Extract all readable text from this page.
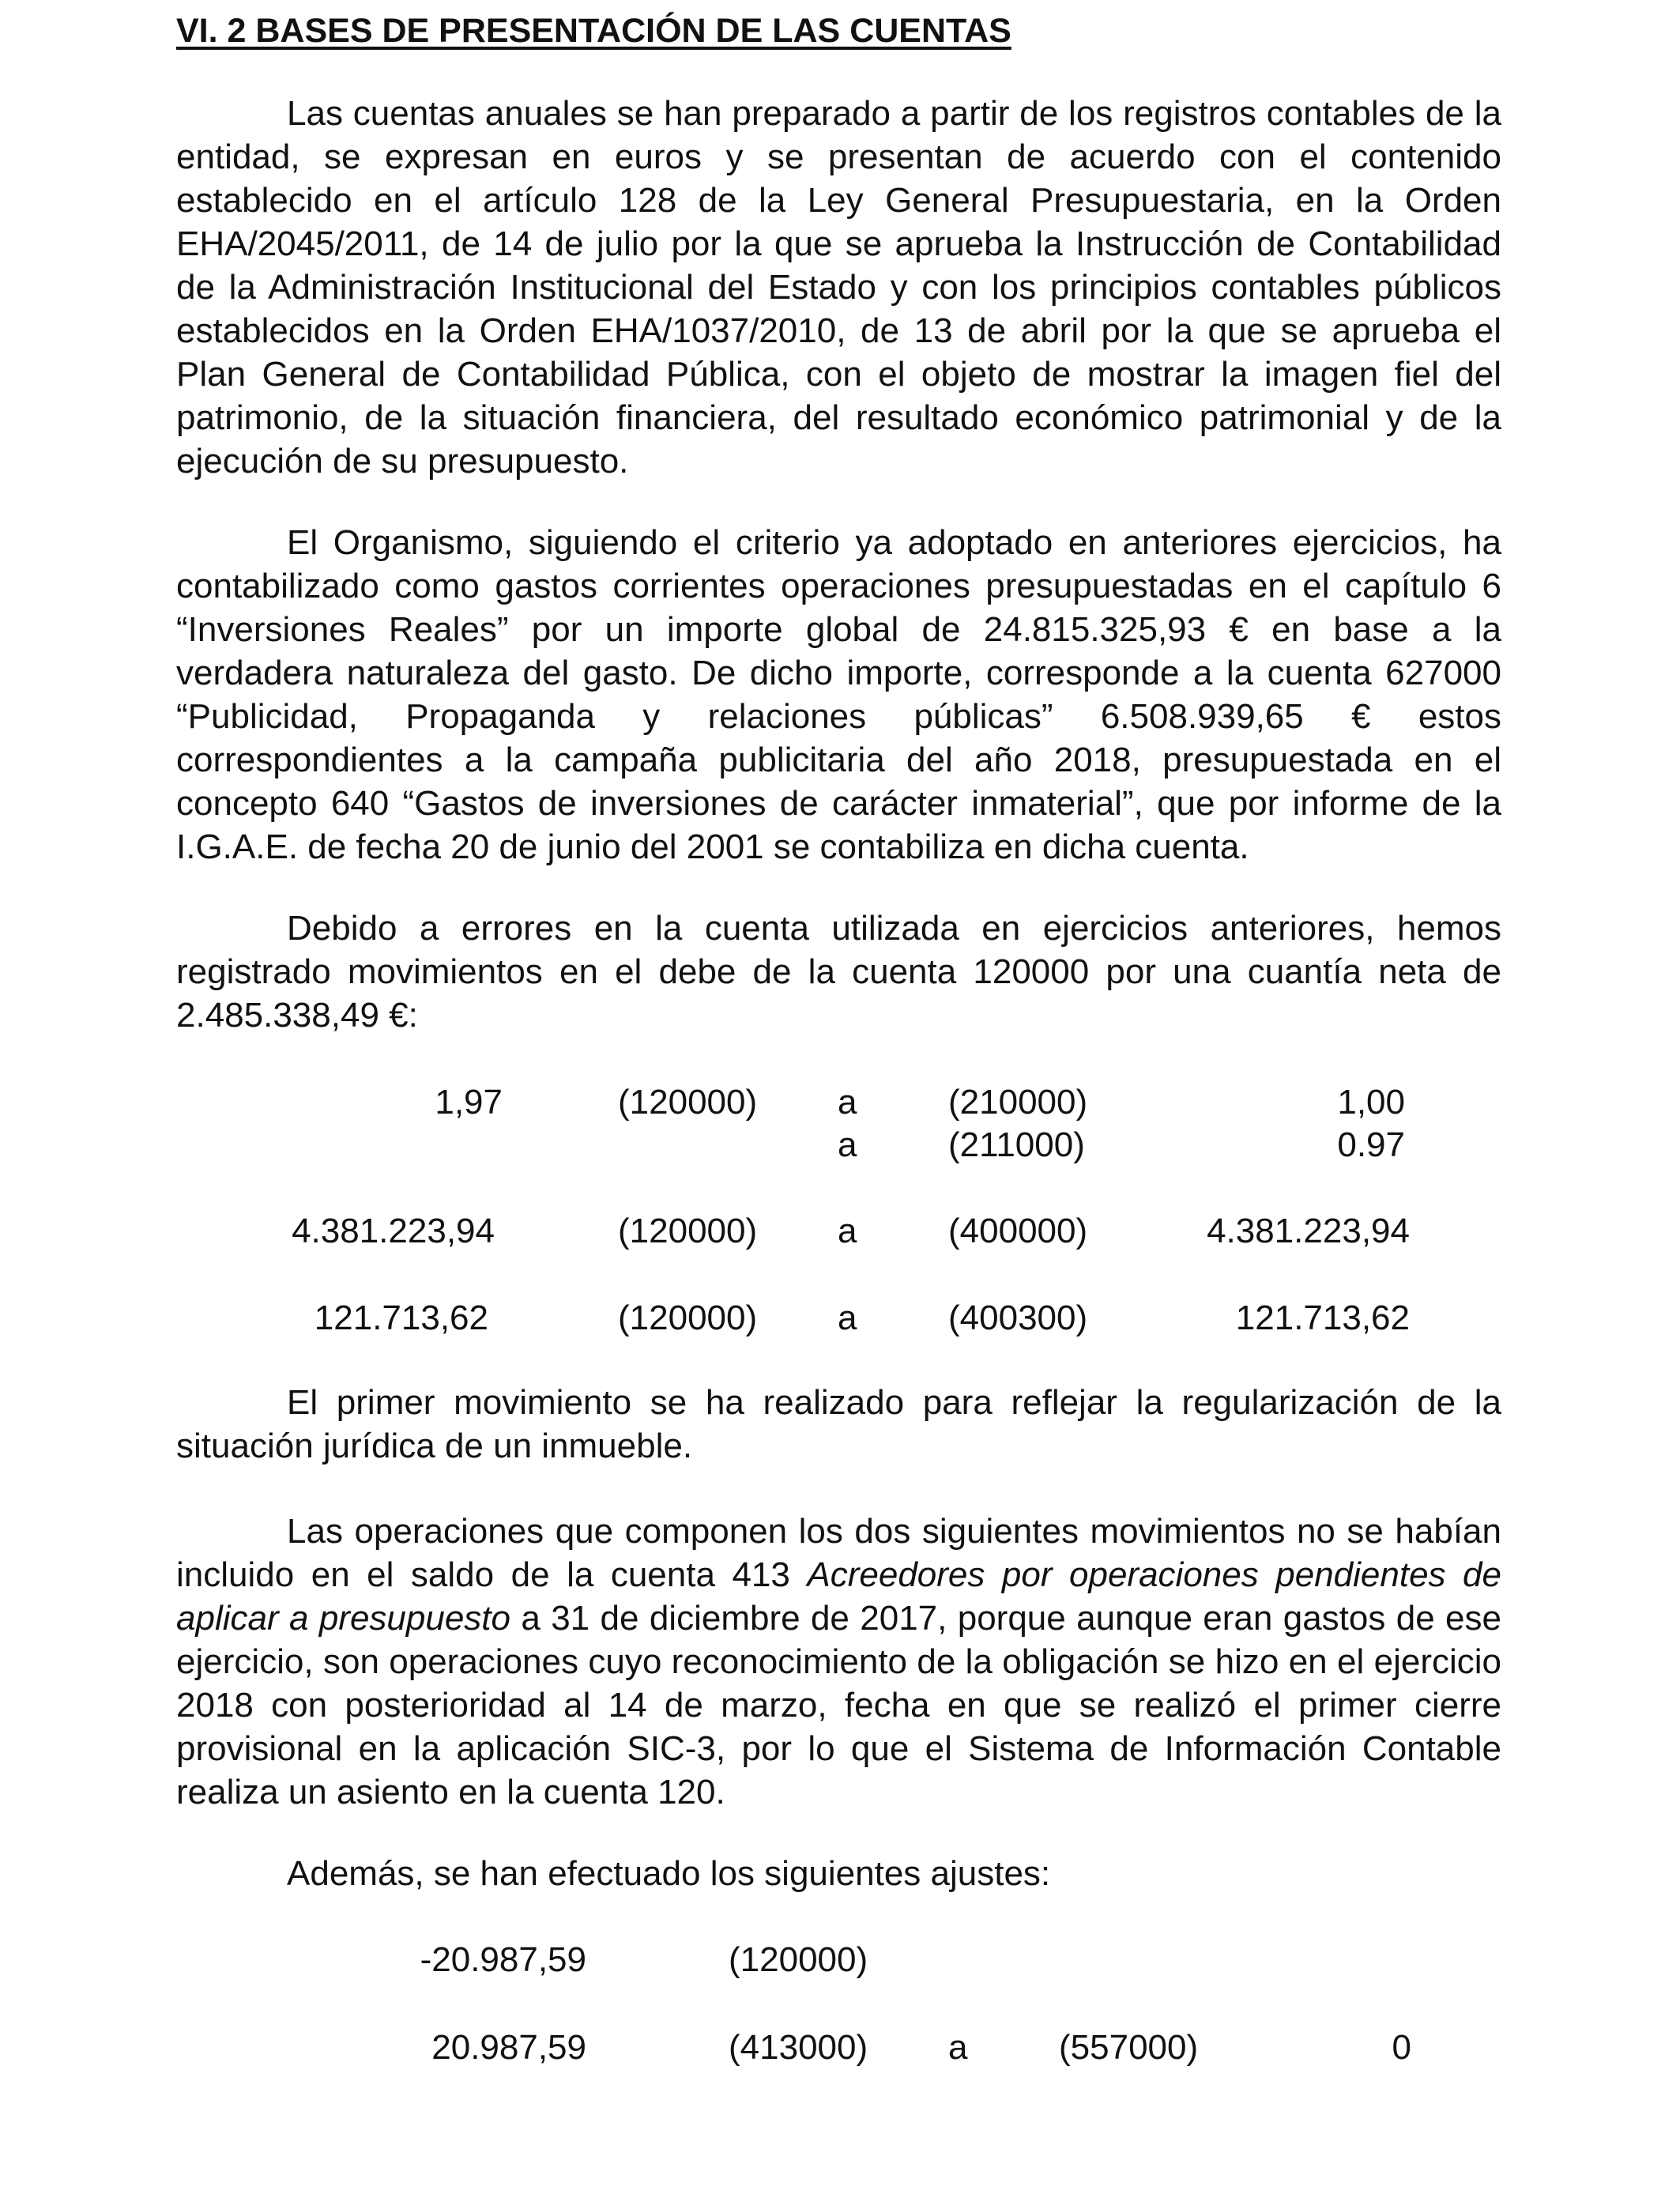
VI. 2 BASES DE PRESENTACIÓN DE LAS CUENTAS
Las cuentas anuales se han preparado a partir de los registros contables de la entidad, se expresan en euros y se presentan de acuerdo con el contenido establecido en el artículo 128 de la Ley General Presupuestaria, en la Orden EHA/2045/2011, de 14 de julio por la que se aprueba la Instrucción de Contabilidad de la Administración Institucional del Estado y con los principios contables públicos establecidos en la Orden EHA/1037/2010, de 13 de abril por la que se aprueba el Plan General de Contabilidad Pública, con el objeto de mostrar la imagen fiel del patrimonio, de la situación financiera, del resultado económico patrimonial y de la ejecución de su presupuesto.
El Organismo, siguiendo el criterio ya adoptado en anteriores ejercicios, ha contabilizado como gastos corrientes operaciones presupuestadas en el capítulo 6 “Inversiones Reales” por un importe global de 24.815.325,93 € en base a la verdadera naturaleza del gasto. De dicho importe, corresponde a la cuenta 627000 “Publicidad, Propaganda y relaciones públicas” 6.508.939,65 € estos correspondientes a la campaña publicitaria del año 2018, presupuestada en el concepto 640 “Gastos de inversiones de carácter inmaterial”, que por informe de la I.G.A.E. de fecha 20 de junio del 2001 se contabiliza en dicha cuenta.
Debido a errores en la cuenta utilizada en ejercicios anteriores, hemos registrado movimientos en el debe de la cuenta 120000 por una cuantía neta de 2.485.338,49 €:
1,97	(120000) a	(210000)	1,00
a	(211000)	0.97
4.381.223,94	(120000) a	(400000)	4.381.223,94
121.713,62	(120000) a	(400300)	121.713,62
El primer movimiento se ha realizado para reflejar la regularización de la situación jurídica de un inmueble.
Las operaciones que componen los dos siguientes movimientos no se habían incluido en el saldo de la cuenta 413 Acreedores por operaciones pendientes de aplicar a presupuesto a 31 de diciembre de 2017, porque aunque eran gastos de ese ejercicio, son operaciones cuyo reconocimiento de la obligación se hizo en el ejercicio 2018 con posterioridad al 14 de marzo, fecha en que se realizó el primer cierre provisional en la aplicación SIC-3, por lo que el Sistema de Información Contable realiza un asiento en la cuenta 120.
Además, se han efectuado los siguientes ajustes:
-20.987,59	(120000)
20.987,59	(413000) a	(557000)	0
